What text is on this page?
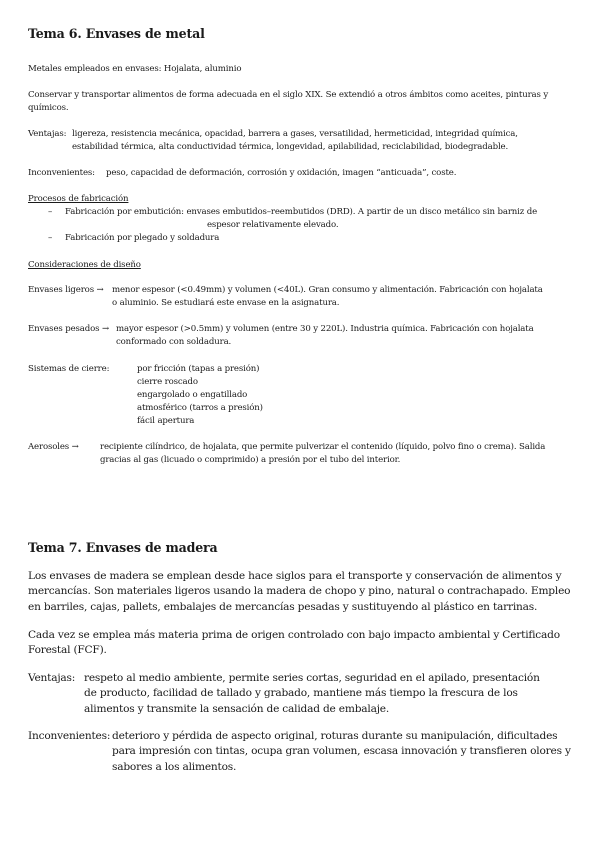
Tema 6. Envases de metal
Metales empleados en envases: Hojalata, aluminio
Conservar y transportar alimentos de forma adecuada en el siglo XIX. Se extendió a otros ámbitos como aceites, pinturas y químicos.
Ventajas: ligereza, resistencia mecánica, opacidad, barrera a gases, versatilidad, hermeticidad, integridad química,
estabilidad térmica, alta conductividad térmica, longevidad, apilabilidad, reciclabilidad, biodegradable.
Inconvenientes: peso, capacidad de deformación, corrosión y oxidación, imagen “anticuada”, coste.
Procesos de fabricación
– Fabricación por embutición: envases embutidos–reembutidos (DRD). A partir de un disco metálico sin barniz de
espesor relativamente elevado.
– Fabricación por plegado y soldadura
Consideraciones de diseño
Envases ligeros → menor espesor (<0.49mm) y volumen (<40L). Gran consumo y alimentación. Fabricación con hojalata
o aluminio. Se estudiará este envase en la asignatura.
Envases pesados → mayor espesor (>0.5mm) y volumen (entre 30 y 220L). Industria química. Fabricación con hojalata
conformado con soldadura.
Sistemas de cierre:	por fricción (tapas a presión)
cierre roscado
engargolado o engatillado
atmosférico (tarros a presión)
fácil apertura
Aerosoles → recipiente cilíndrico, de hojalata, que permite pulverizar el contenido (líquido, polvo fino o crema). Salida
gracias al gas (licuado o comprimido) a presión por el tubo del interior.
Tema 7. Envases de madera

Los envases de madera se emplean desde hace siglos para el transporte y conservación de alimentos y mercancías. Son materiales ligeros usando la madera de chopo y pino, natural o contrachapado. Empleo en barriles, cajas, pallets, embalajes de mercancías pesadas y sustituyendo al plástico en tarrinas.

Cada vez se emplea más materia prima de origen controlado con bajo impacto ambiental y Certificado Forestal (FCF).

Ventajas: respeto al medio ambiente, permite series cortas, seguridad en el apilado, presentación de producto, facilidad de tallado y grabado, mantiene más tiempo la frescura de los alimentos y transmite la sensación de calidad de embalaje.
Inconvenientes: deterioro y pérdida de aspecto original, roturas durante su manipulación, dificultades para impresión con tintas, ocupa gran volumen, escasa innovación y transfieren olores y sabores a los alimentos.
